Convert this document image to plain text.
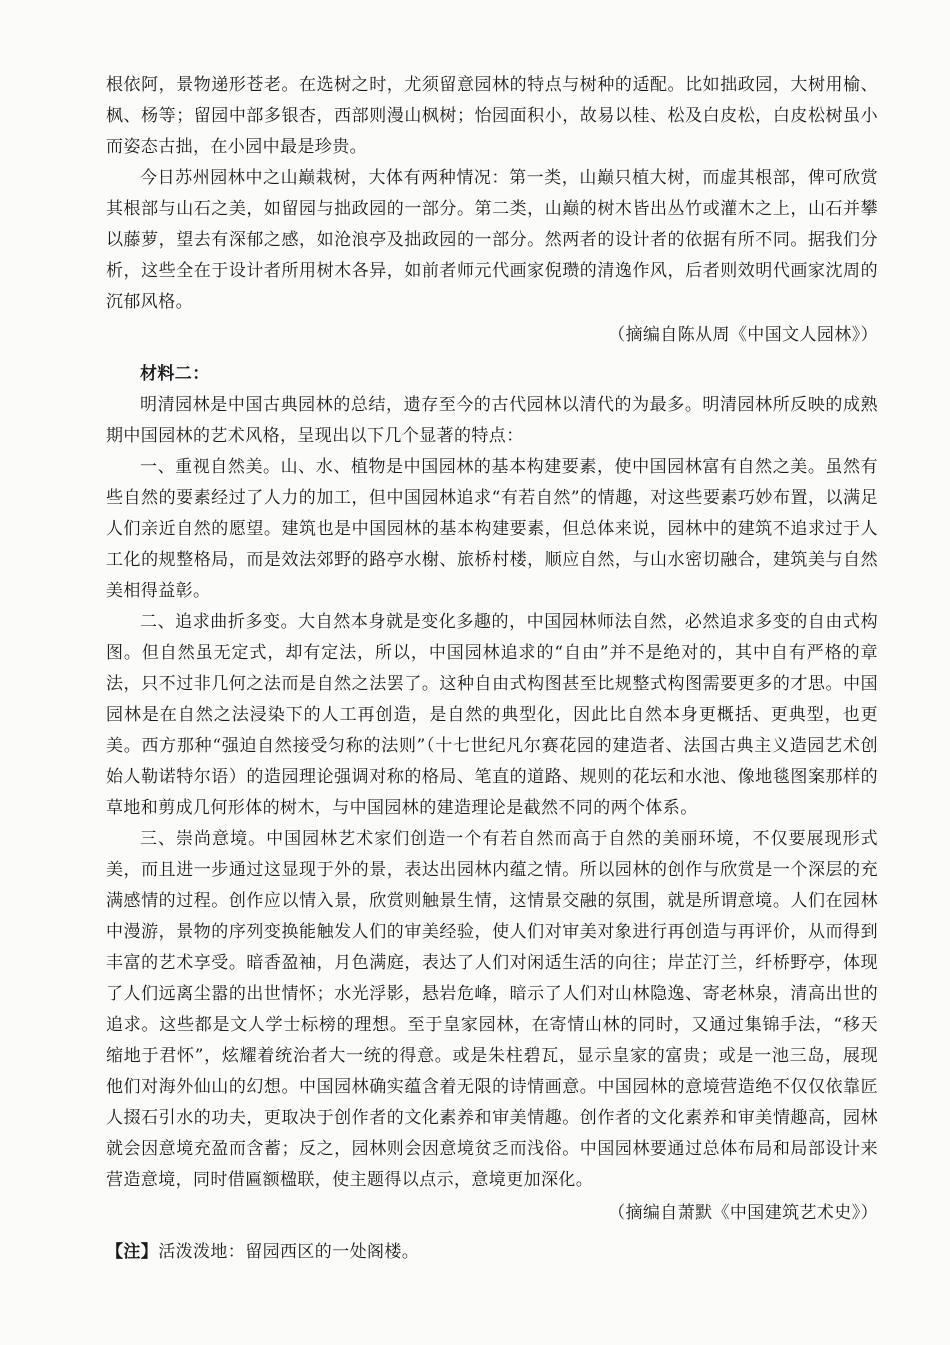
根依阿，景物递形苍老。在选树之时，尤须留意园林的特点与树种的适配。比如拙政园，大树用榆、枫、杨等；留园中部多银杏，西部则漫山枫树；怡园面积小，故易以桂、松及白皮松，白皮松树虽小而姿态古拙，在小园中最是珍贵。

今日苏州园林中之山巅栽树，大体有两种情况：第一类，山巅只植大树，而虚其根部，俾可欣赏其根部与山石之美，如留园与拙政园的一部分。第二类，山巅的树木皆出丛竹或灌木之上，山石并攀以藤萝，望去有深郁之感，如沧浪亭及拙政园的一部分。然两者的设计者的依据有所不同。据我们分析，这些全在于设计者所用树木各异，如前者师元代画家倪瓒的清逸作风，后者则效明代画家沈周的沉郁风格。

（摘编自陈从周《中国文人园林》）

材料二：

明清园林是中国古典园林的总结，遗存至今的古代园林以清代的为最多。明清园林所反映的成熟期中国园林的艺术风格，呈现出以下几个显著的特点：

一、重视自然美。山、水、植物是中国园林的基本构建要素，使中国园林富有自然之美。虽然有些自然的要素经过了人力的加工，但中国园林追求“有若自然”的情趣，对这些要素巧妙布置，以满足人们亲近自然的愿望。建筑也是中国园林的基本构建要素，但总体来说，园林中的建筑不追求过于人工化的规整格局，而是效法郊野的路亭水榭、旅桥村楼，顺应自然，与山水密切融合，建筑美与自然美相得益彰。

二、追求曲折多变。大自然本身就是变化多趣的，中国园林师法自然，必然追求多变的自由式构图。但自然虽无定式，却有定法，所以，中国园林追求的“自由”并不是绝对的，其中自有严格的章法，只不过非几何之法而是自然之法罢了。这种自由式构图甚至比规整式构图需要更多的才思。中国园林是在自然之法浸染下的人工再创造，是自然的典型化，因此比自然本身更概括、更典型，也更美。西方那种“强迫自然接受匀称的法则”（十七世纪凡尔赛花园的建造者、法国古典主义造园艺术创始人勒诺特尔语）的造园理论强调对称的格局、笔直的道路、规则的花坛和水池、像地毯图案那样的草地和剪成几何形体的树木，与中国园林的建造理论是截然不同的两个体系。

三、崇尚意境。中国园林艺术家们创造一个有若自然而高于自然的美丽环境，不仅要展现形式美，而且进一步通过这显现于外的景，表达出园林内蕴之情。所以园林的创作与欣赏是一个深层的充满感情的过程。创作应以情入景，欣赏则触景生情，这情景交融的氛围，就是所谓意境。人们在园林中漫游，景物的序列变换能触发人们的审美经验，使人们对审美对象进行再创造与再评价，从而得到丰富的艺术享受。暗香盈袖，月色满庭，表达了人们对闲适生活的向往；岸芷汀兰，纤桥野亭，体现了人们远离尘嚣的出世情怀；水光浮影，悬岩危峰，暗示了人们对山林隐逸、寄老林泉，清高出世的追求。这些都是文人学士标榜的理想。至于皇家园林，在寄情山林的同时，又通过集锦手法，“移天缩地于君怀”，炫耀着统治者大一统的得意。或是朱柱碧瓦，显示皇家的富贵；或是一池三岛，展现他们对海外仙山的幻想。中国园林确实蕴含着无限的诗情画意。中国园林的意境营造绝不仅仅依靠匠人掇石引水的功夫，更取决于创作者的文化素养和审美情趣。创作者的文化素养和审美情趣高，园林就会因意境充盈而含蓄；反之，园林则会因意境贫乏而浅俗。中国园林要通过总体布局和局部设计来营造意境，同时借匾额楹联，使主题得以点示，意境更加深化。

（摘编自萧默《中国建筑艺术史》）

【注】活泼泼地：留园西区的一处阁楼。
